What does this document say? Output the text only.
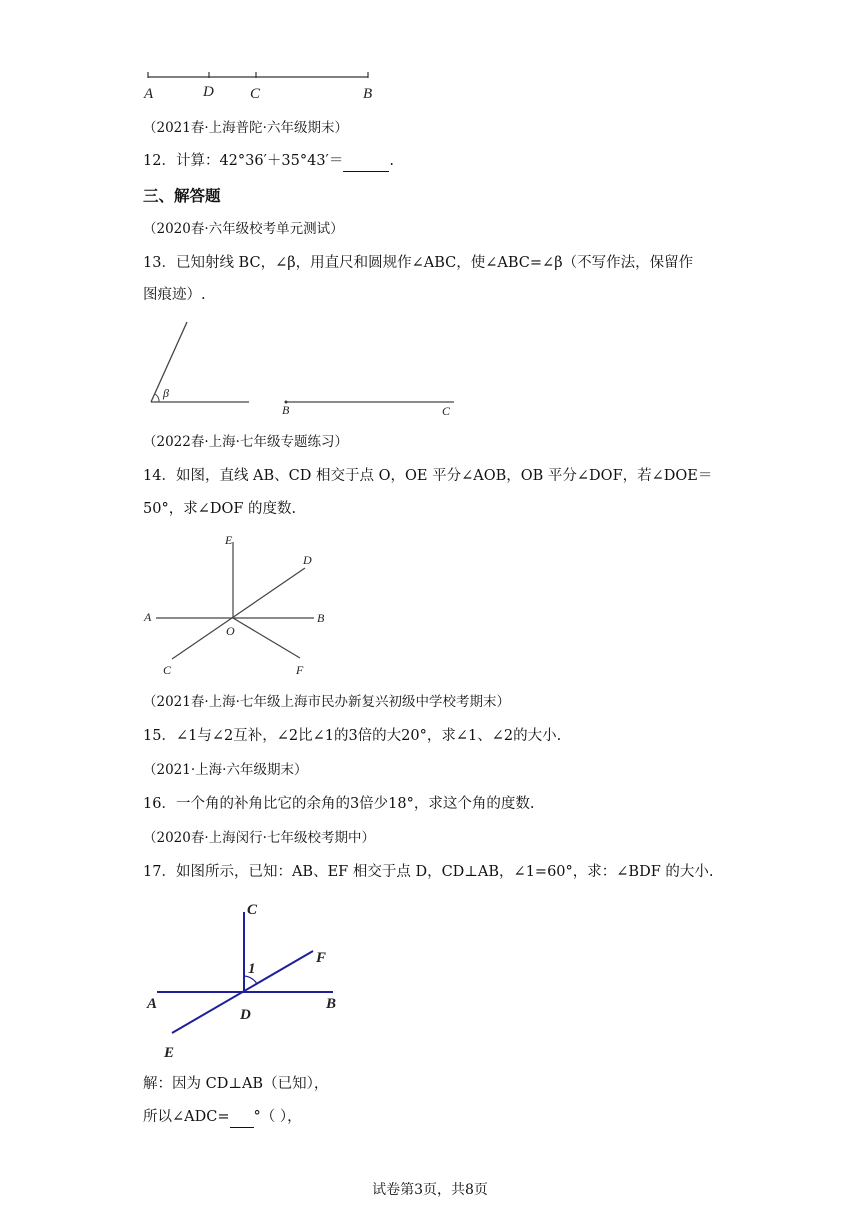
A	D C	B
（2021春·上海普陀·六年级期末）
12．计算：42°36′＋35°43′＝	.
三、解答题
（2020春·六年级校考单元测试）
13．已知射线 BC，∠β，用直尺和圆规作∠ABC，使∠ABC=∠β（不写作法，保留作
图痕迹）.
β
B	C
（2022春·上海·七年级专题练习）
14．如图，直线 AB、CD 相交于点 O，OE 平分∠AOB，OB 平分∠DOF，若∠DOE＝
50°，求∠DOF 的度数.
E
D
A	B
O
C	F
（2021春·上海·七年级上海市民办新复兴初级中学校考期末）
15．∠1与∠2互补，∠2比∠1的3倍的大20°，求∠1、∠2的大小.
（2021·上海·六年级期末）
16．一个角的补角比它的余角的3倍少18°，求这个角的度数.
（2020春·上海闵行·七年级校考期中）
17．如图所示，已知：AB、EF 相交于点 D，CD⊥AB，∠1=60°，求：∠BDF 的大小.
C
F
1
A	B
D
E
解：因为 CD⊥AB（已知），
所以∠ADC= °（ ），
试卷第3页，共8页
